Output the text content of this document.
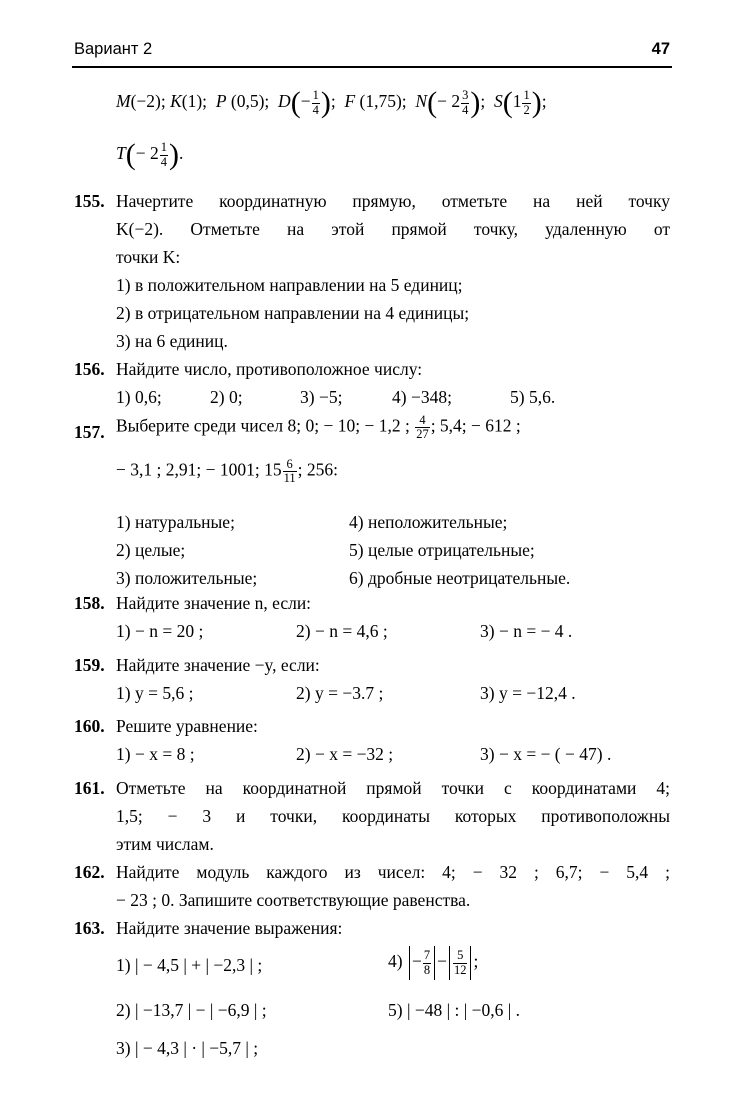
Вариант 2	47
M(−2); K(1); P (0,5); $D(- \frac{1}{4}$ );  F (1,75); $N(- 2 \frac{3}{4}$ );  $S(1 \frac{1}{2}$ );
$T(- 2 \frac{1}{4}$ ).
155. Начертите координатную прямую, отметьте на ней точку
K(−2). Отметьте на этой прямой точку, удаленную от
точки K:
1) в положительном направлении на 5 единиц;
2) в отрицательном направлении на 4 единицы;
3) на 6 единиц.
156. Найдите число, противоположное числу:
1) 0,6;	2) 0;	3) −5;	4) −348;	5) 5,6.
157. Выберите среди чисел 8; 0; − 10; − 1,2 ; $\frac{4}{27}$ ; 5,4; − 612 ;
− 3,1 ; 2,91; − 1001; $15 \frac{6}{11}$ ; 256:
1) натуральные;
2) целые;
3) положительные;
4) неположительные;
5) целые отрицательные;
6) дробные неотрицательные.
158. Найдите значение n, если:
1) − n = 20 ;	2) − n = 4,6 ;	3) − n = − 4 .
159. Найдите значение −y, если:
1) y = 5,6 ;	2) y = −3.7 ;	3) y = −12,4 .
160. Решите уравнение:
1) − x = 8 ;	2) − x = −32 ;	3) − x = − ( − 47) .
161. Отметьте на координатной прямой точки с координатами 4;
1,5; − 3 и точки, координаты которых противоположны
этим числам.
162. Найдите модуль каждого из чисел: 4; − 32 ; 6,7; − 5,4 ;
− 23 ; 0. Запишите соответствующие равенства.
163. Найдите значение выражения:
1) | − 4,5 | + | −2,3 | ;	$4) - \frac{7}{8} - \frac{5}{12}$ ;
2) | −13,7 | − | −6,9 | ;	5) | −48 | : | −0,6 | .
3) | − 4,3 | · | −5,7 | ;
